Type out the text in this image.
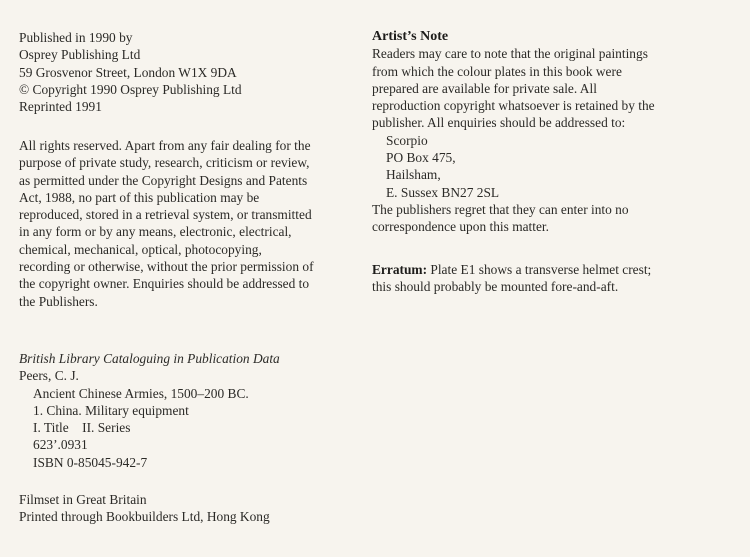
Published in 1990 by

Osprey Publishing Ltd

59 Grosvenor Street, London W1X 9DA

© Copyright 1990 Osprey Publishing Ltd

Reprinted 1991

All rights reserved. Apart from any fair dealing for the

purpose of private study, research, criticism or review,

as permitted under the Copyright Designs and Patents

Act, 1988, no part of this publication may be

reproduced, stored in a retrieval system, or transmitted

in any form or by any means, electronic, electrical,

chemical, mechanical, optical, photocopying,

recording or otherwise, without the prior permission of

the copyright owner. Enquiries should be addressed to

the Publishers.

British Library Cataloguing in Publication Data

Peers, C. J.

Ancient Chinese Armies, 1500–200 BC.

1. China. Military equipment

I. Title    II. Series

623’.0931

ISBN 0-85045-942-7

Filmset in Great Britain

Printed through Bookbuilders Ltd, Hong Kong

Artist’s Note

Readers may care to note that the original paintings

from which the colour plates in this book were

prepared are available for private sale. All

reproduction copyright whatsoever is retained by the

publisher. All enquiries should be addressed to:

Scorpio

PO Box 475,

Hailsham,

E. Sussex BN27 2SL

The publishers regret that they can enter into no

correspondence upon this matter.

Erratum: Plate E1 shows a transverse helmet crest;

this should probably be mounted fore-and-aft.
